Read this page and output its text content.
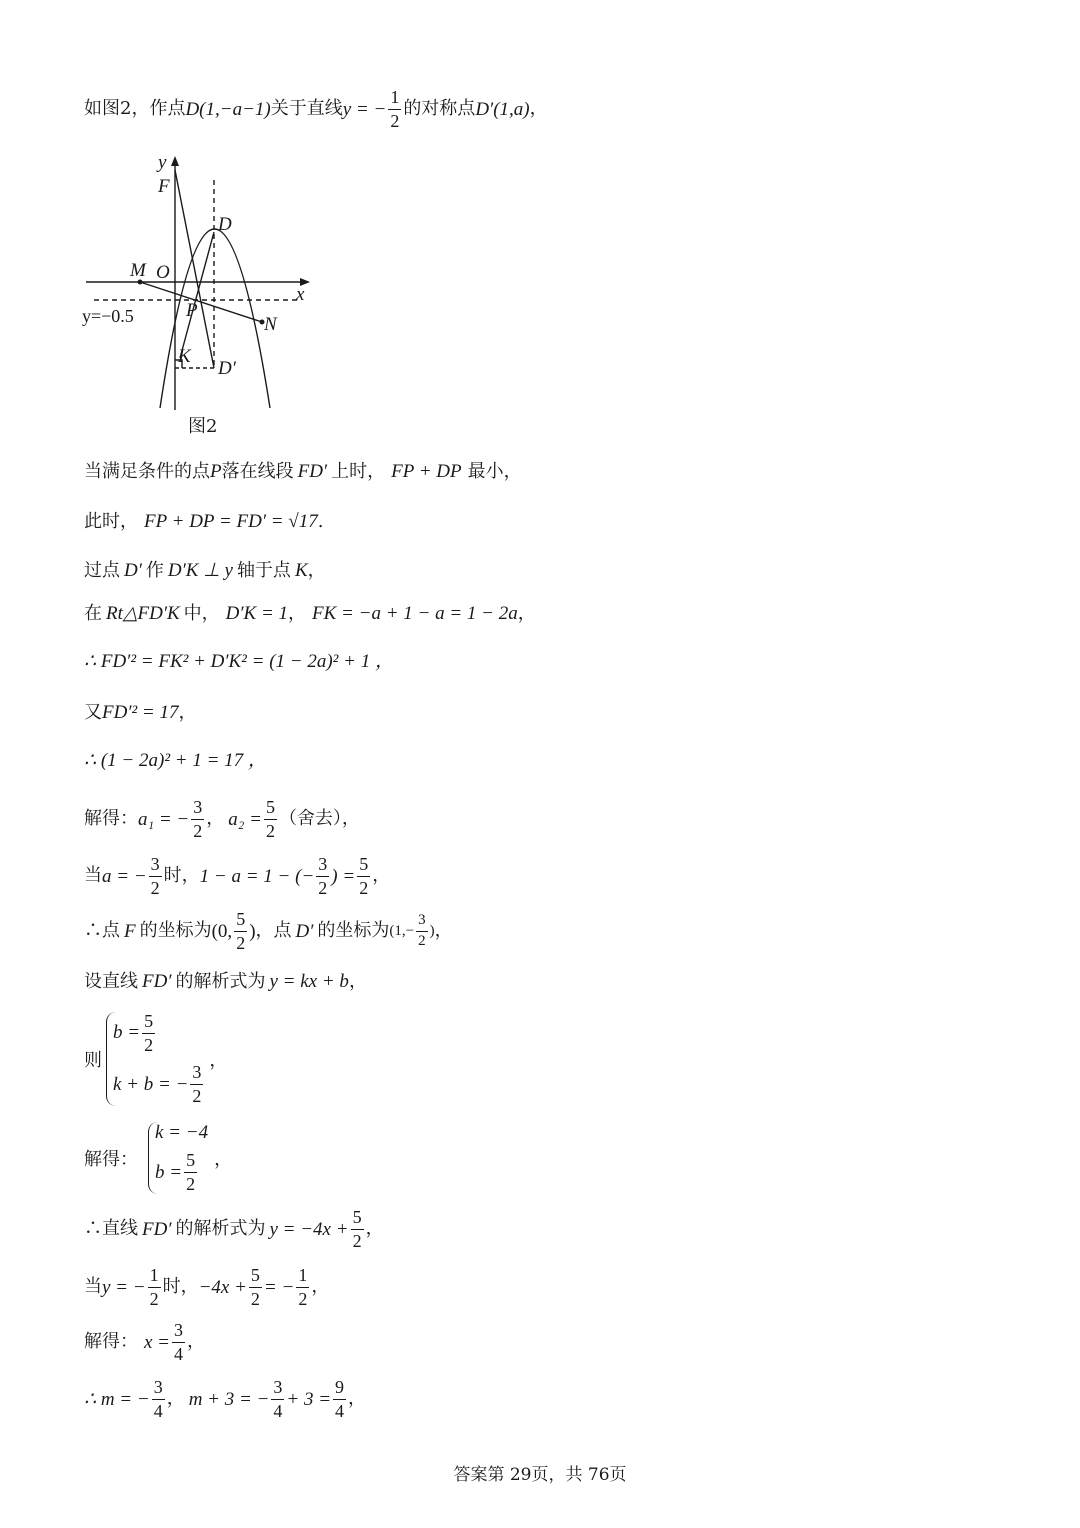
如图2，作点 D(1,−a−1) 关于直线 y = − $\frac{1}{2}$ 的对称点 D′(1,a) ，
y
F
D
M O
x
P
N
K
D′
y=−0.5
图2
当满足条件的点 P 落在线段 FD′ 上时， FP + DP 最小，
此时， FP + DP = FD′ = √17 .
过点 D′ 作 D′K ⊥ y 轴于点 K ，
在 Rt△FD′K 中， D′K = 1 ， FK = −a + 1 − a = 1 − 2a ，
∴ FD′² = FK² + D′K² = (1 − 2a)² + 1 ，
又 FD′² = 17 ，
∴ (1 − 2a)² + 1 = 17 ，
解得： a₁ = − $\frac{3}{2}$ ， $a_2 = \frac{5}{2}$ （舍去），
当 a = − $\frac{3}{2}$ 时， 1 − a = 1 − (− $\frac{3}{2}$ ) = $\frac{5}{2}$ ，
∴点 F 的坐标为 (0, $\frac{5}{2}$ ) ，点 D′ 的坐标为 ($1,- \frac{3}{2}$ ) ，
设直线 FD′ 的解析式为 y = kx + b ，
则
$b = \frac{5}{2}$
k + b = − $\frac{3}{2}$
，
解得：
k = −4
$b = \frac{5}{2}$ ，
∴直线 FD′ 的解析式为 $y = -4x + \frac{5}{2}$ ，
当 y = − $\frac{1}{2}$ 时， $-4x + \frac{5}{2}$ = − $\frac{1}{2}$ ，
解得： $x = \frac{3}{4}$ ，
∴ m = − $\frac{3}{4}$ ， m + 3 = − $\frac{3}{4} + 3 = \frac{9}{4}$ ，
答案第 29页，共 76页
